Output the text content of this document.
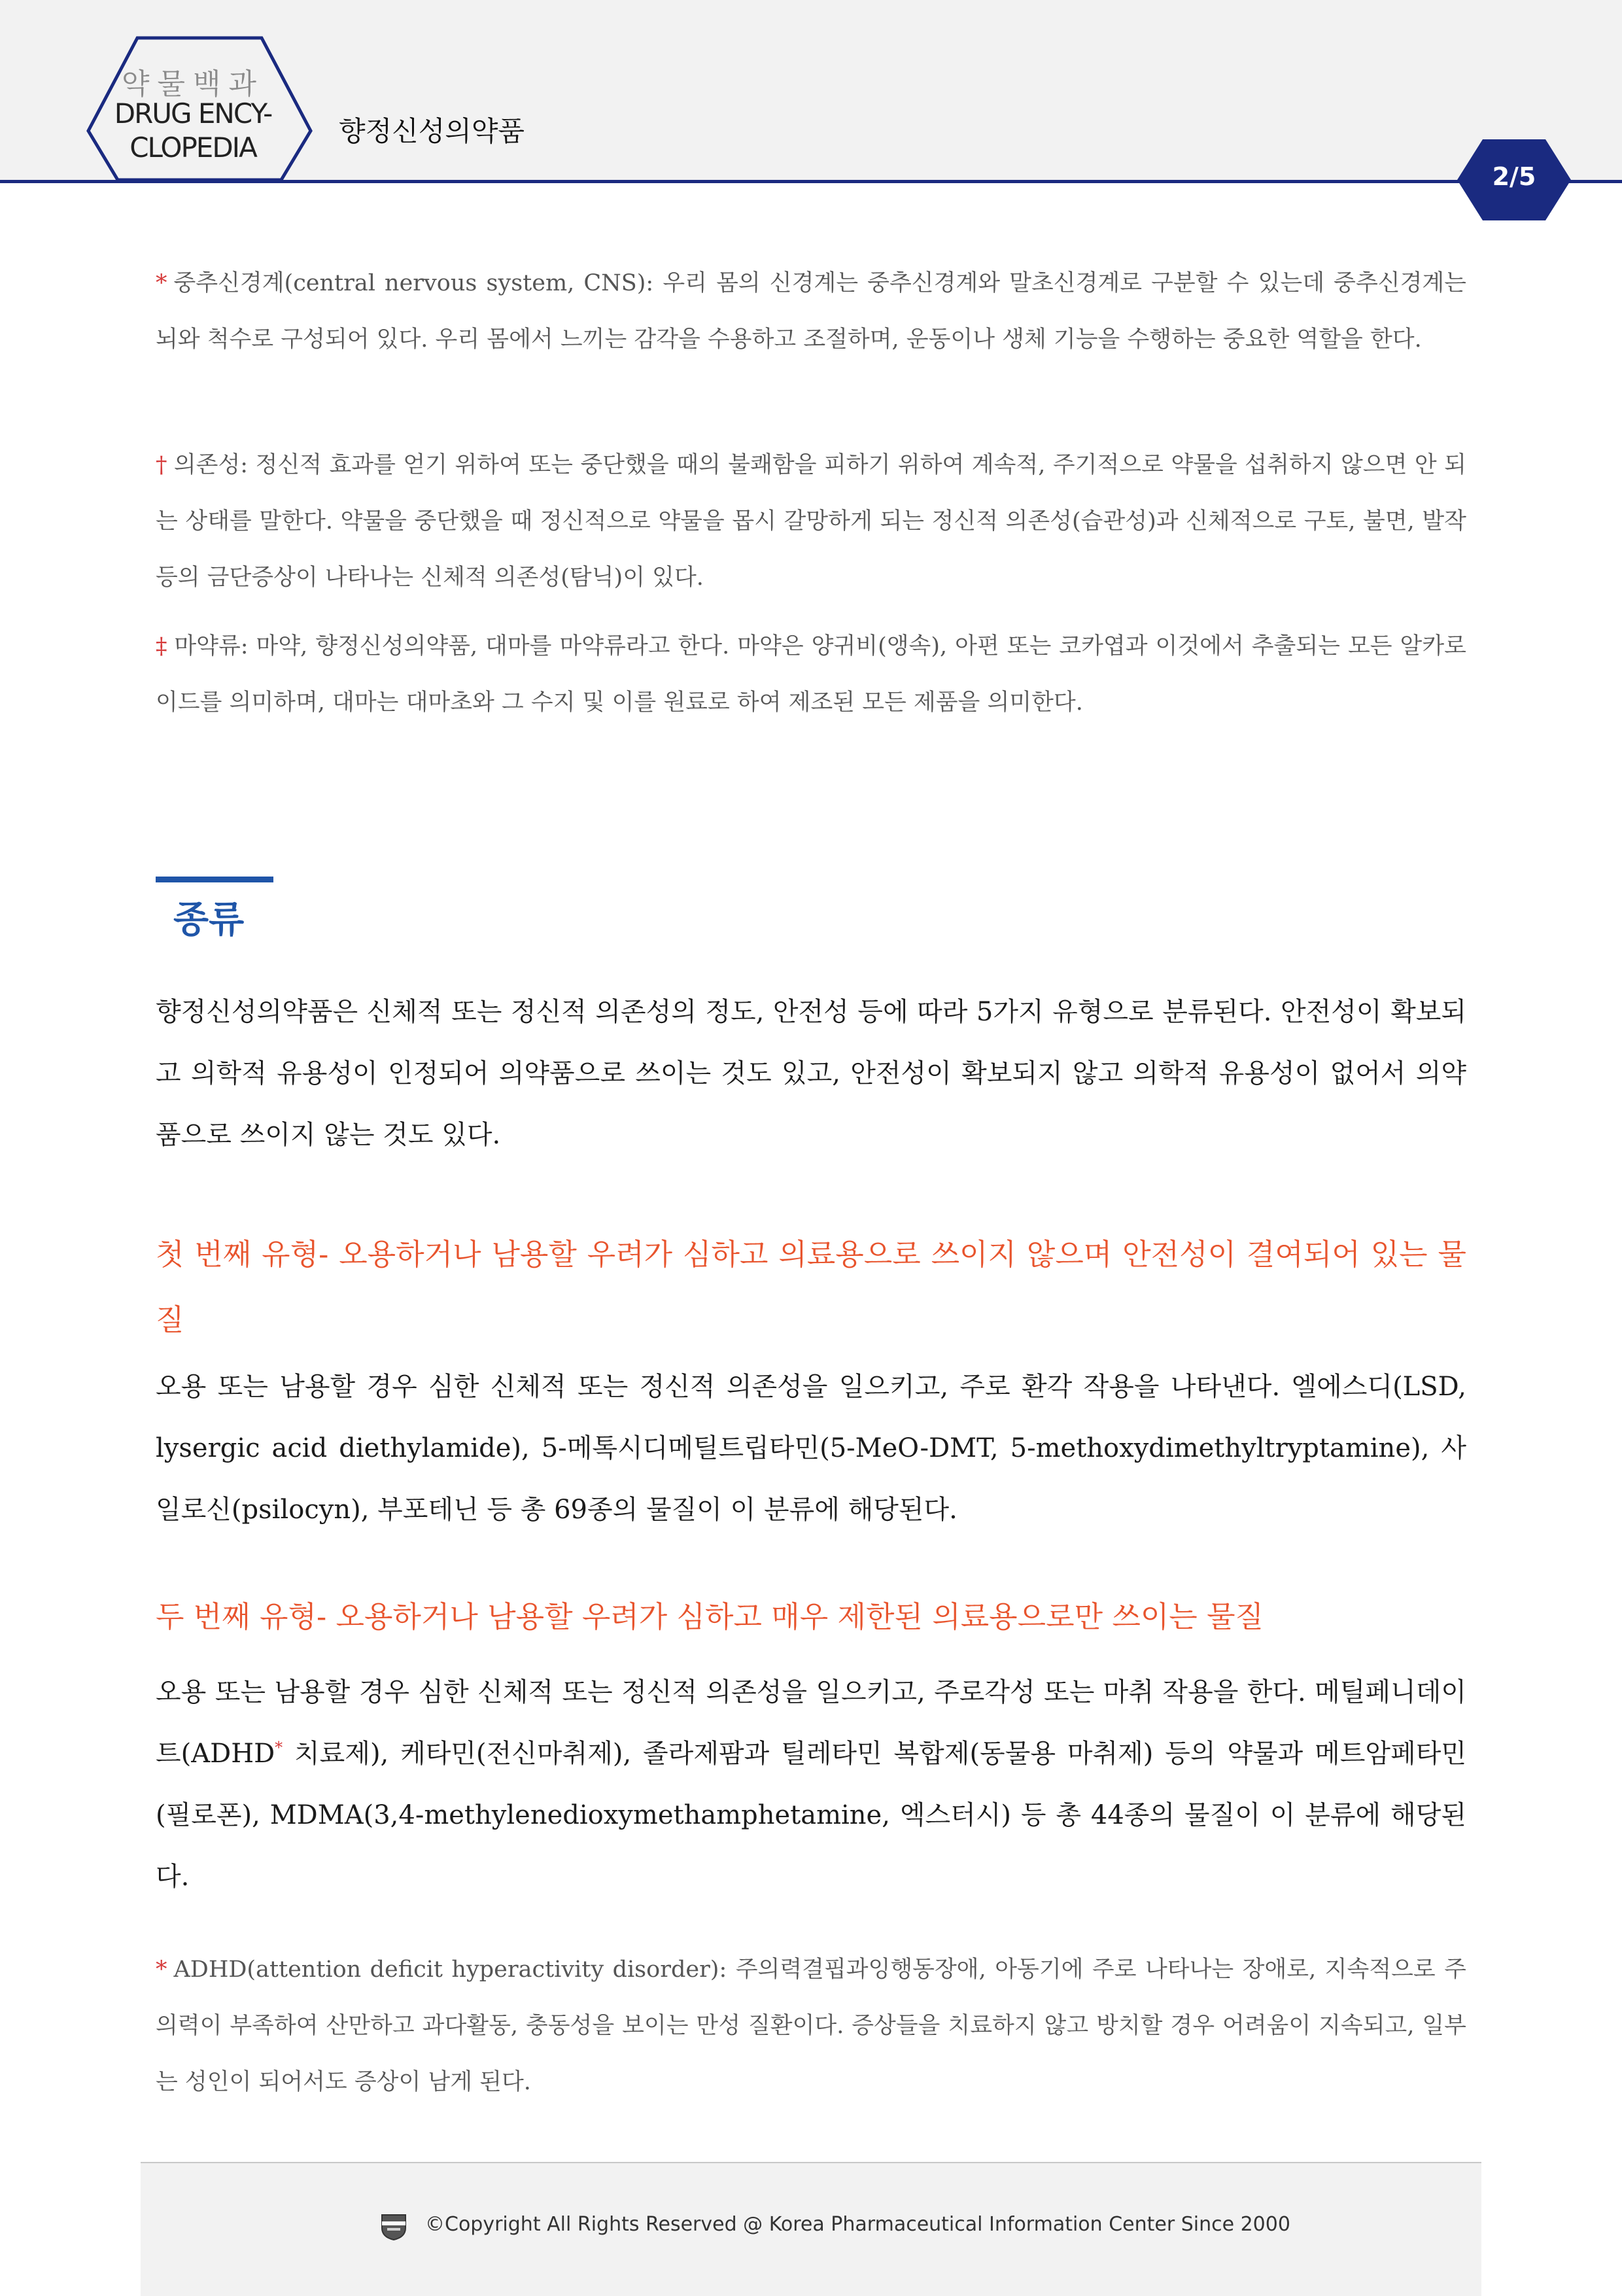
약물백과
DRUG ENCY-
CLOPEDIA
향정신성의약품
2/5
* 중추신경계(central nervous system, CNS): 우리 몸의 신경계는 중추신경계와 말초신경계로 구분할 수 있는데 중추신경계는 뇌와 척수로 구성되어 있다. 우리 몸에서 느끼는 감각을 수용하고 조절하며, 운동이나 생체 기능을 수행하는 중요한 역할을 한다.
† 의존성: 정신적 효과를 얻기 위하여 또는 중단했을 때의 불쾌함을 피하기 위하여 계속적, 주기적으로 약물을 섭취하지 않으면 안 되는 상태를 말한다. 약물을 중단했을 때 정신적으로 약물을 몹시 갈망하게 되는 정신적 의존성(습관성)과 신체적으로 구토, 불면, 발작 등의 금단증상이 나타나는 신체적 의존성(탐닉)이 있다.
‡ 마약류: 마약, 향정신성의약품, 대마를 마약류라고 한다. 마약은 양귀비(앵속), 아편 또는 코카엽과 이것에서 추출되는 모든 알카로이드를 의미하며, 대마는 대마초와 그 수지 및 이를 원료로 하여 제조된 모든 제품을 의미한다.
종류
향정신성의약품은 신체적 또는 정신적 의존성의 정도, 안전성 등에 따라 5가지 유형으로 분류된다. 안전성이 확보되고 의학적 유용성이 인정되어 의약품으로 쓰이는 것도 있고, 안전성이 확보되지 않고 의학적 유용성이 없어서 의약품으로 쓰이지 않는 것도 있다.
첫 번째 유형- 오용하거나 남용할 우려가 심하고 의료용으로 쓰이지 않으며 안전성이 결여되어 있는 물질
오용 또는 남용할 경우 심한 신체적 또는 정신적 의존성을 일으키고, 주로 환각 작용을 나타낸다. 엘에스디(LSD, lysergic acid diethylamide), 5-메톡시디메틸트립타민(5-MeO-DMT, 5-methoxydimethyltryptamine), 사일로신(psilocyn), 부포테닌 등 총 69종의 물질이 이 분류에 해당된다.
두 번째 유형- 오용하거나 남용할 우려가 심하고 매우 제한된 의료용으로만 쓰이는 물질
오용 또는 남용할 경우 심한 신체적 또는 정신적 의존성을 일으키고, 주로각성 또는 마취 작용을 한다. 메틸페니데이트(ADHD* 치료제), 케타민(전신마취제), 졸라제팜과 틸레타민 복합제(동물용 마취제) 등의 약물과 메트암페타민(필로폰), MDMA(3,4-methylenedioxymethamphetamine, 엑스터시) 등 총 44종의 물질이 이 분류에 해당된다.
* ADHD(attention deficit hyperactivity disorder): 주의력결핍과잉행동장애, 아동기에 주로 나타나는 장애로, 지속적으로 주의력이 부족하여 산만하고 과다활동, 충동성을 보이는 만성 질환이다. 증상들을 치료하지 않고 방치할 경우 어려움이 지속되고, 일부는 성인이 되어서도 증상이 남게 된다.
©Copyright All Rights Reserved @ Korea Pharmaceutical Information Center Since 2000
